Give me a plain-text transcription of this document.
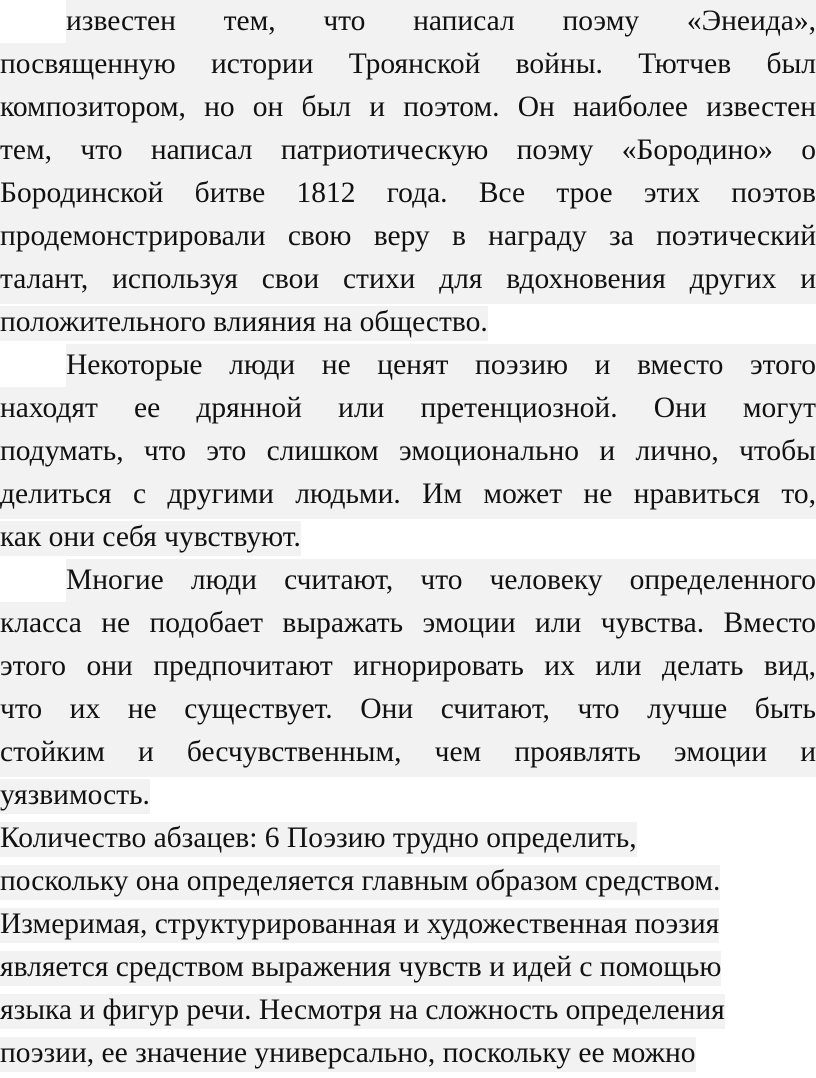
известен тем, что написал поэму «Энеида»,
посвященную истории Троянской войны. Тютчев был
композитором, но он был и поэтом. Он наиболее известен
тем, что написал патриотическую поэму «Бородино» о
Бородинской битве 1812 года. Все трое этих поэтов
продемонстрировали свою веру в награду за поэтический
талант, используя свои стихи для вдохновения других и
положительного влияния на общество.
Некоторые люди не ценят поэзию и вместо этого
находят ее дрянной или претенциозной. Они могут
подумать, что это слишком эмоционально и лично, чтобы
делиться с другими людьми. Им может не нравиться то,
как они себя чувствуют.
Многие люди считают, что человеку определенного
класса не подобает выражать эмоции или чувства. Вместо
этого они предпочитают игнорировать их или делать вид,
что их не существует. Они считают, что лучше быть
стойким и бесчувственным, чем проявлять эмоции и
уязвимость.
Количество абзацев: 6 Поэзию трудно определить,
поскольку она определяется главным образом средством.
Измеримая, структурированная и художественная поэзия
является средством выражения чувств и идей с помощью
языка и фигур речи. Несмотря на сложность определения
поэзии, ее значение универсально, поскольку ее можно
